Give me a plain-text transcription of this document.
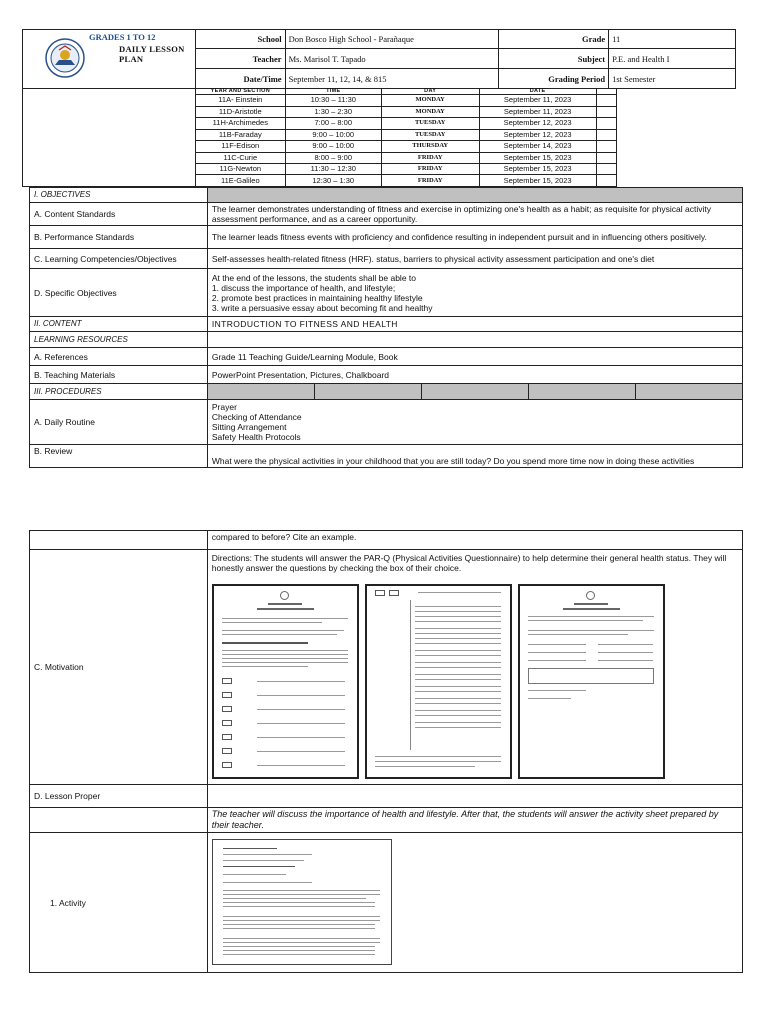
GRADES 1 TO 12
DAILY LESSON PLAN	School	Don Bosco High School - Parañaque	Grade	11
	Teacher	Ms. Marisol T. Tapado	Subject	P.E. and Health I
	Date/Time	September 11, 12, 14, & 815	Grading Period	1st Semester
	YEAR AND SECTION	TIME	DAY	DATE		
	11A- Einstein	10:30 – 11:30	MONDAY	September 11, 2023		
	11D-Aristotle	1:30 – 2:30	MONDAY	September 11, 2023		
	11H-Archimedes	7:00 – 8:00	TUESDAY	September 12, 2023		
	11B-Faraday	9:00 – 10:00	TUESDAY	September 12, 2023		
	11F-Edison	9:00 – 10:00	THURSDAY	September 14, 2023		
	11C-Curie	8:00 – 9:00	FRIDAY	September 15, 2023		
	11G-Newton	11:30 – 12:30	FRIDAY	September 15, 2023		
	11E-Galileo	12:30 – 1:30	FRIDAY	September 15, 2023		
I. OBJECTIVES	
A. Content Standards	The learner demonstrates understanding of fitness and exercise in optimizing one's health as a habit; as requisite for physical activity assessment performance, and as a career opportunity.
B. Performance Standards	The learner leads fitness events with proficiency and confidence resulting in independent pursuit and in influencing others positively.
C. Learning Competencies/Objectives	Self-assesses health-related fitness (HRF). status, barriers to physical activity assessment participation and one's diet
D. Specific Objectives	At the end of the lessons, the students shall be able to
1. discuss the importance of health, and lifestyle;
2. promote best practices in maintaining healthy lifestyle
3. write a persuasive essay about becoming fit and healthy
II. CONTENT	INTRODUCTION TO FITNESS AND HEALTH
LEARNING RESOURCES	
A. References	Grade 11 Teaching Guide/Learning Module, Book
B. Teaching Materials	PowerPoint Presentation, Pictures, Chalkboard
III. PROCEDURES	

A. Daily Routine	Prayer
Checking of Attendance
Sitting Arrangement
Safety Health Protocols
B. Review	What were the physical activities in your childhood that you are still today? Do you spend more time now in doing these activities
	compared to before? Cite an example.
C. Motivation	Directions: The students will answer the PAR-Q (Physical Activities Questionnaire) to help determine their general health status. They will honestly answer the questions by checking the box of their choice.

D. Lesson Proper	

	The teacher will discuss the importance of health and lifestyle. After that, the students will answer the activity sheet prepared by their teacher.
1. Activity	
